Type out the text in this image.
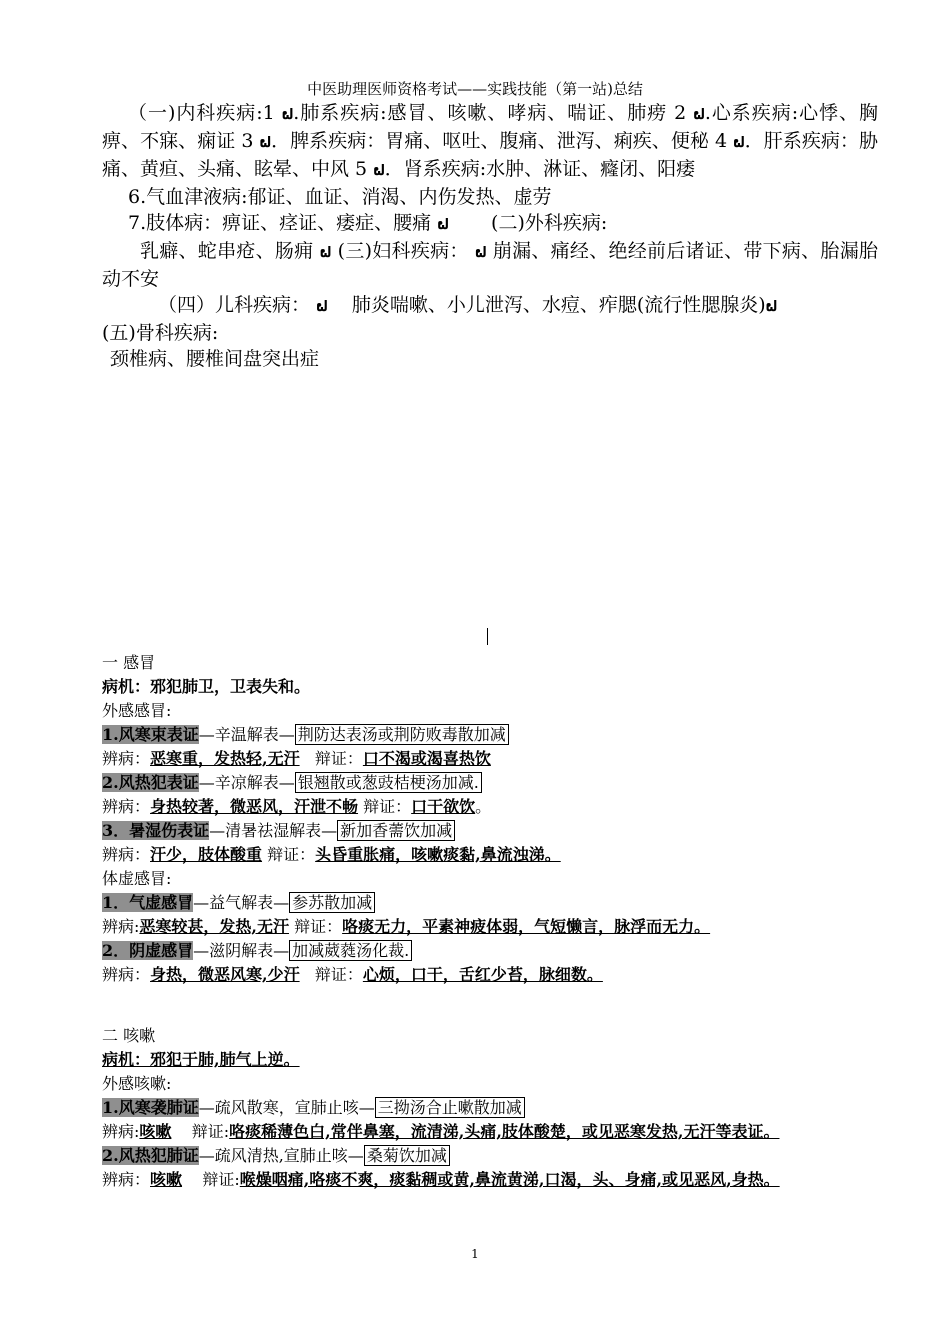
中医助理医师资格考试——实践技能（第一站)总结

（一)内科疾病:1 ຝ.肺系疾病:感冒、咳嗽、哮病、喘证、肺痨 2 ຝ.心系疾病:心悸、胸痹、不寐、痫证 3 ຝ．脾系疾病：胃痛、呕吐、腹痛、泄泻、痢疾、便秘 4 ຝ．肝系疾病：胁痛、黄疸、头痛、眩晕、中风 5 ຝ．肾系疾病:水肿、淋证、癃闭、阳痿

6.气血津液病:郁证、血证、消渴、内伤发热、虚劳

7.肢体病：痹证、痉证、痿症、腰痛 ຝ (二)外科疾病:

乳癖、蛇串疮、肠痈 ຝ (三)妇科疾病： ຝ 崩漏、痛经、绝经前后诸证、带下病、胎漏胎动不安

（四）儿科疾病： ຝ 肺炎喘嗽、小儿泄泻、水痘、痄腮(流行性腮腺炎)ຝ

(五)骨科疾病:

颈椎病、腰椎间盘突出症

一 感冒

病机：邪犯肺卫，卫表失和。

外感感冒:

1.风寒束表证—辛温解表— 荆防达表汤或荆防败毒散加减

辨病：恶寒重，发热轻,无汗 辩证：口不渴或渴喜热饮

2.风热犯表证—辛凉解表— 银翘散或葱豉桔梗汤加减.

辨病：身热较著，微恶风，汗泄不畅 辩证：口干欲饮。

3．暑湿伤表证—清暑祛湿解表— 新加香薷饮加减

辨病：汗少，肢体酸重 辩证：头昏重胀痛，咳嗽痰黏,鼻流浊涕。

体虚感冒:

1．气虚感冒—益气解表— 参苏散加减

辨病:恶寒较甚，发热,无汗 辩证：咯痰无力，平素神疲体弱，气短懒言，脉浮而无力。

2．阴虚感冒—滋阴解表— 加减葳蕤汤化裁.

辨病：身热，微恶风寒,少汗 辩证：心烦，口干，舌红少苔，脉细数。

二 咳嗽

病机：邪犯于肺,肺气上逆。

外感咳嗽:

1.风寒袭肺证—疏风散寒，宣肺止咳— 三拗汤合止嗽散加减

辨病:咳嗽 辩证:咯痰稀薄色白,常伴鼻塞，流清涕,头痛,肢体酸楚，或见恶寒发热,无汗等表证。

2.风热犯肺证—疏风清热,宣肺止咳— 桑菊饮加减

辨病：咳嗽 辩证:喉燥咽痛,咯痰不爽，痰黏稠或黄,鼻流黄涕,口渴，头、身痛,或见恶风,身热。

1
